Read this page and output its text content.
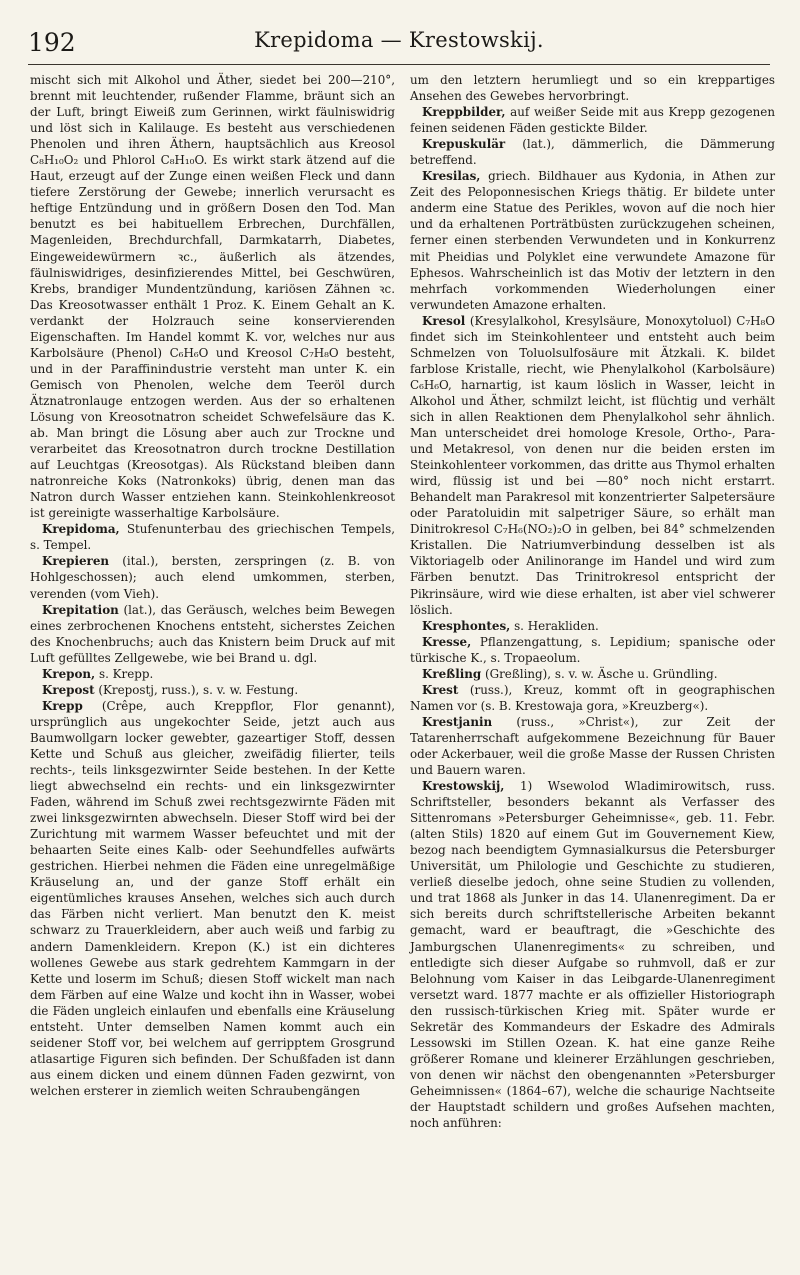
192	Krepidoma — Krestowskij.

mischt sich mit Alkohol und Äther, siedet bei 200—210°, brennt mit leuchtender, rußender Flamme, bräunt sich an der Luft, bringt Eiweiß zum Gerinnen, wirkt fäulniswidrig und löst sich in Kalilauge. Es besteht aus verschiedenen Phenolen und ihren Äthern, hauptsächlich aus Kreosol C₈H₁₀O₂ und Phlorol C₈H₁₀O. Es wirkt stark ätzend auf die Haut, erzeugt auf der Zunge einen weißen Fleck und dann tiefere Zerstörung der Gewebe; innerlich verursacht es heftige Entzündung und in größern Dosen den Tod. Man benutzt es bei habituellem Erbrechen, Durchfällen, Magenleiden, Brechdurchfall, Darmkatarrh, Diabetes, Eingeweidewürmern ꝛc., äußerlich als ätzendes, fäulniswidriges, desinfizierendes Mittel, bei Geschwüren, Krebs, brandiger Mundentzündung, kariösen Zähnen ꝛc. Das Kreosotwasser enthält 1 Proz. K. Einem Gehalt an K. verdankt der Holzrauch seine konservierenden Eigenschaften. Im Handel kommt K. vor, welches nur aus Karbolsäure (Phenol) C₆H₆O und Kreosol C₇H₈O besteht, und in der Paraffinindustrie versteht man unter K. ein Gemisch von Phenolen, welche dem Teeröl durch Ätznatronlauge entzogen werden. Aus der so erhaltenen Lösung von Kreosotnatron scheidet Schwefelsäure das K. ab. Man bringt die Lösung aber auch zur Trockne und verarbeitet das Kreosotnatron durch trockne Destillation auf Leuchtgas (Kreosotgas). Als Rückstand bleiben dann natronreiche Koks (Natronkoks) übrig, denen man das Natron durch Wasser entziehen kann. Steinkohlenkreosot ist gereinigte wasserhaltige Karbolsäure.

Krepidoma, Stufenunterbau des griechischen Tempels, s. Tempel.

Krepieren (ital.), bersten, zerspringen (z. B. von Hohlgeschossen); auch elend umkommen, sterben, verenden (vom Vieh).

Krepitation (lat.), das Geräusch, welches beim Bewegen eines zerbrochenen Knochens entsteht, sicherstes Zeichen des Knochenbruchs; auch das Knistern beim Druck auf mit Luft gefülltes Zellgewebe, wie bei Brand u. dgl.

Krepon, s. Krepp.

Krepost (Krepostj, russ.), s. v. w. Festung.

Krepp (Crêpe, auch Kreppflor, Flor genannt), ursprünglich aus ungekochter Seide, jetzt auch aus Baumwollgarn locker gewebter, gazeartiger Stoff, dessen Kette und Schuß aus gleicher, zweifädig filierter, teils rechts-, teils linksgezwirnter Seide bestehen. In der Kette liegt abwechselnd ein rechts- und ein linksgezwirnter Faden, während im Schuß zwei rechtsgezwirnte Fäden mit zwei linksgezwirnten abwechseln. Dieser Stoff wird bei der Zurichtung mit warmem Wasser befeuchtet und mit der behaarten Seite eines Kalb- oder Seehundfelles aufwärts gestrichen. Hierbei nehmen die Fäden eine unregelmäßige Kräuselung an, und der ganze Stoff erhält ein eigentümliches krauses Ansehen, welches sich auch durch das Färben nicht verliert. Man benutzt den K. meist schwarz zu Trauerkleidern, aber auch weiß und farbig zu andern Damenkleidern. Krepon (K.) ist ein dichteres wollenes Gewebe aus stark gedrehtem Kammgarn in der Kette und loserm im Schuß; diesen Stoff wickelt man nach dem Färben auf eine Walze und kocht ihn in Wasser, wobei die Fäden ungleich einlaufen und ebenfalls eine Kräuselung entsteht. Unter demselben Namen kommt auch ein seidener Stoff vor, bei welchem auf gerripptem Grosgrund atlasartige Figuren sich befinden. Der Schußfaden ist dann aus einem dicken und einem dünnen Faden gezwirnt, von welchen ersterer in ziemlich weiten Schraubengängen

um den letztern herumliegt und so ein kreppartiges Ansehen des Gewebes hervorbringt.

Kreppbilder, auf weißer Seide mit aus Krepp gezogenen feinen seidenen Fäden gestickte Bilder.

Krepuskulär (lat.), dämmerlich, die Dämmerung betreffend.

Kresilas, griech. Bildhauer aus Kydonia, in Athen zur Zeit des Peloponnesischen Kriegs thätig. Er bildete unter anderm eine Statue des Perikles, wovon auf die noch hier und da erhaltenen Porträtbüsten zurückzugehen scheinen, ferner einen sterbenden Verwundeten und in Konkurrenz mit Pheidias und Polyklet eine verwundete Amazone für Ephesos. Wahrscheinlich ist das Motiv der letztern in den mehrfach vorkommenden Wiederholungen einer verwundeten Amazone erhalten.

Kresol (Kresylalkohol, Kresylsäure, Monoxytoluol) C₇H₈O findet sich im Steinkohlenteer und entsteht auch beim Schmelzen von Toluolsulfosäure mit Ätzkali. K. bildet farblose Kristalle, riecht, wie Phenylalkohol (Karbolsäure) C₆H₆O, harnartig, ist kaum löslich in Wasser, leicht in Alkohol und Äther, schmilzt leicht, ist flüchtig und verhält sich in allen Reaktionen dem Phenylalkohol sehr ähnlich. Man unterscheidet drei homologe Kresole, Ortho-, Para- und Metakresol, von denen nur die beiden ersten im Steinkohlenteer vorkommen, das dritte aus Thymol erhalten wird, flüssig ist und bei —80° noch nicht erstarrt. Behandelt man Parakresol mit konzentrierter Salpetersäure oder Paratoluidin mit salpetriger Säure, so erhält man Dinitrokresol C₇H₆(NO₂)₂O in gelben, bei 84° schmelzenden Kristallen. Die Natriumverbindung desselben ist als Viktoriagelb oder Anilinorange im Handel und wird zum Färben benutzt. Das Trinitrokresol entspricht der Pikrinsäure, wird wie diese erhalten, ist aber viel schwerer löslich.

Kresphontes, s. Herakliden.

Kresse, Pflanzengattung, s. Lepidium; spanische oder türkische K., s. Tropaeolum.

Kreßling (Greßling), s. v. w. Äsche u. Gründling.

Krest (russ.), Kreuz, kommt oft in geographischen Namen vor (s. B. Krestowaja gora, »Kreuzberg«).

Krestjanin (russ., »Christ«), zur Zeit der Tatarenherrschaft aufgekommene Bezeichnung für Bauer oder Ackerbauer, weil die große Masse der Russen Christen und Bauern waren.

Krestowskij, 1) Wsewolod Wladimirowitsch, russ. Schriftsteller, besonders bekannt als Verfasser des Sittenromans »Petersburger Geheimnisse«, geb. 11. Febr. (alten Stils) 1820 auf einem Gut im Gouvernement Kiew, bezog nach beendigtem Gymnasialkursus die Petersburger Universität, um Philologie und Geschichte zu studieren, verließ dieselbe jedoch, ohne seine Studien zu vollenden, und trat 1868 als Junker in das 14. Ulanenregiment. Da er sich bereits durch schriftstellerische Arbeiten bekannt gemacht, ward er beauftragt, die »Geschichte des Jamburgschen Ulanenregiments« zu schreiben, und entledigte sich dieser Aufgabe so ruhmvoll, daß er zur Belohnung vom Kaiser in das Leibgarde-Ulanenregiment versetzt ward. 1877 machte er als offizieller Historiograph den russisch-türkischen Krieg mit. Später wurde er Sekretär des Kommandeurs der Eskadre des Admirals Lessowski im Stillen Ozean. K. hat eine ganze Reihe größerer Romane und kleinerer Erzählungen geschrieben, von denen wir nächst den obengenannten »Petersburger Geheimnissen« (1864–67), welche die schaurige Nachtseite der Hauptstadt schildern und großes Aufsehen machten, noch anführen:
